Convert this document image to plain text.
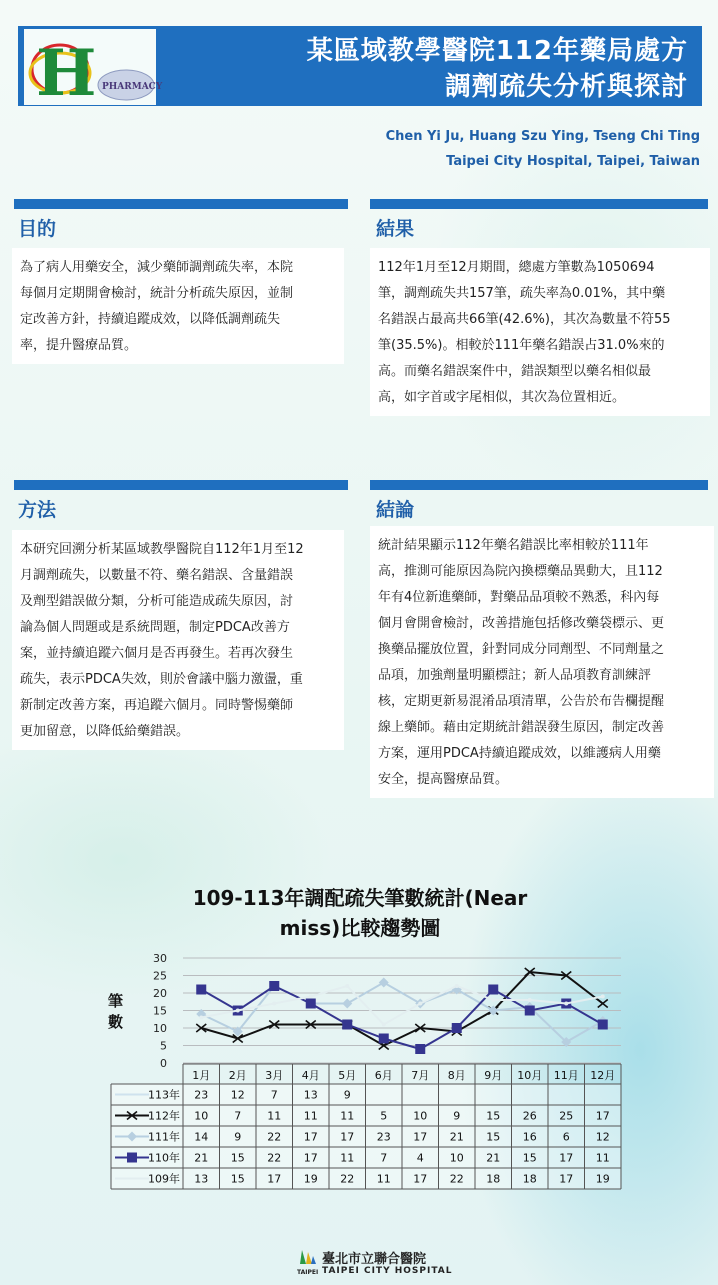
某區域教學醫院112年藥局處方
調劑疏失分析與探討
H PHARMACY
Chen Yi Ju, Huang Szu Ying, Tseng Chi Ting
Taipei City Hospital, Taipei, Taiwan
目的
為了病人用藥安全，減少藥師調劑疏失率，本院
每個月定期開會檢討，統計分析疏失原因，並制
定改善方針，持續追蹤成效，以降低調劑疏失
率，提升醫療品質。
結果
112年1月至12月期間，總處方筆數為1050694
筆，調劑疏失共157筆，疏失率為0.01%，其中藥
名錯誤占最高共66筆(42.6%)，其次為數量不符55
筆(35.5%)。相較於111年藥名錯誤占31.0%來的
高。而藥名錯誤案件中，錯誤類型以藥名相似最
高，如字首或字尾相似，其次為位置相近。
方法
本研究回溯分析某區域教學醫院自112年1月至12
月調劑疏失，以數量不符、藥名錯誤、含量錯誤
及劑型錯誤做分類，分析可能造成疏失原因，討
論為個人問題或是系統問題，制定PDCA改善方
案，並持續追蹤六個月是否再發生。若再次發生
疏失，表示PDCA失效，則於會議中腦力激盪，重
新制定改善方案，再追蹤六個月。同時警惕藥師
更加留意，以降低給藥錯誤。
結論
統計結果顯示112年藥名錯誤比率相較於111年
高，推測可能原因為院內換標藥品異動大，且112
年有4位新進藥師，對藥品品項較不熟悉，科內每
個月會開會檢討，改善措施包括修改藥袋標示、更
換藥品擺放位置，針對同成分同劑型、不同劑量之
品項，加強劑量明顯標註；新人品項教育訓練評
核，定期更新易混淆品項清單，公告於布告欄提醒
線上藥師。藉由定期統計錯誤發生原因，制定改善
方案，運用PDCA持續追蹤成效，以維護病人用藥
安全，提高醫療品質。
109-113年調配疏失筆數統計(Near
miss)比較趨勢圖
筆數
0
5
10
15
20
25
30
1月 2月 3月 4月 5月 6月 7月 8月 9月 10月 11月 12月
113年 23 12 7 13 9
112年 10 7 11 11 11 5 10 9 15 26 25 17
111年 14 9 22 17 17 23 17 21 15 16 6 12
110年 21 15 22 17 11 7	4 10 21 15 17 11
109年 13 15 17 19 22 11 17 22 18 18 17 19
TAIPEI
臺北市立聯合醫院
TAIPEI CITY HOSPITAL
